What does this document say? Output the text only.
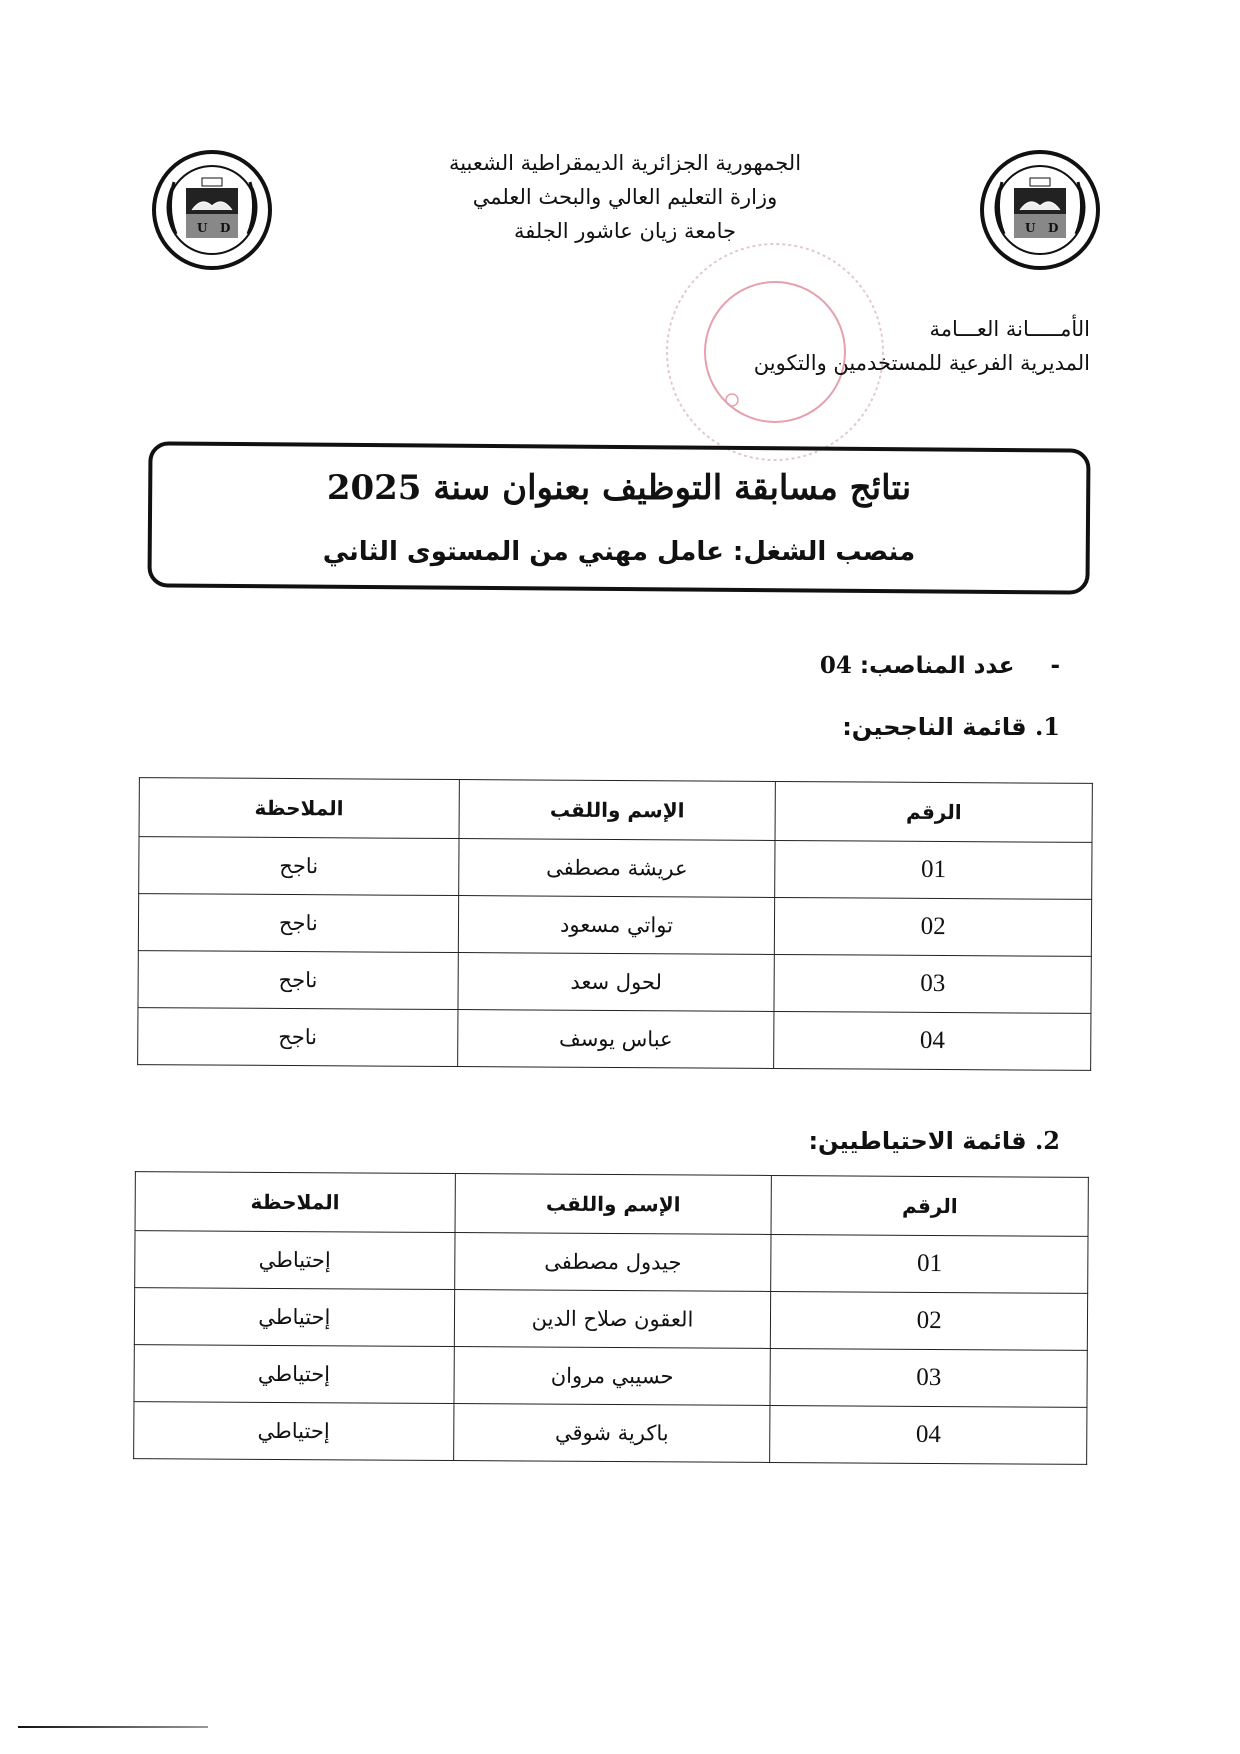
U D	U D
الجمهورية الجزائرية الديمقراطية الشعبية
وزارة التعليم العالي والبحث العلمي
جامعة زيان عاشور الجلفة
الأمـــــانة العـــامة
المديرية الفرعية للمستخدمين والتكوين
نتائج مسابقة التوظيف بعنوان سنة 2025
منصب الشغل: عامل مهني من المستوى الثاني
- عدد المناصب: 04
1. قائمة الناجحين:
الرقم	الإسم واللقب	الملاحظة
01	عريشة مصطفى	ناجح
02	تواتي مسعود	ناجح
03	لحول سعد	ناجح
04	عباس يوسف	ناجح
2. قائمة الاحتياطيين:
الرقم	الإسم واللقب	الملاحظة
01	جيدول مصطفى	إحتياطي
02	العقون صلاح الدين	إحتياطي
03	حسيبي مروان	إحتياطي
04	باكرية شوقي	إحتياطي
